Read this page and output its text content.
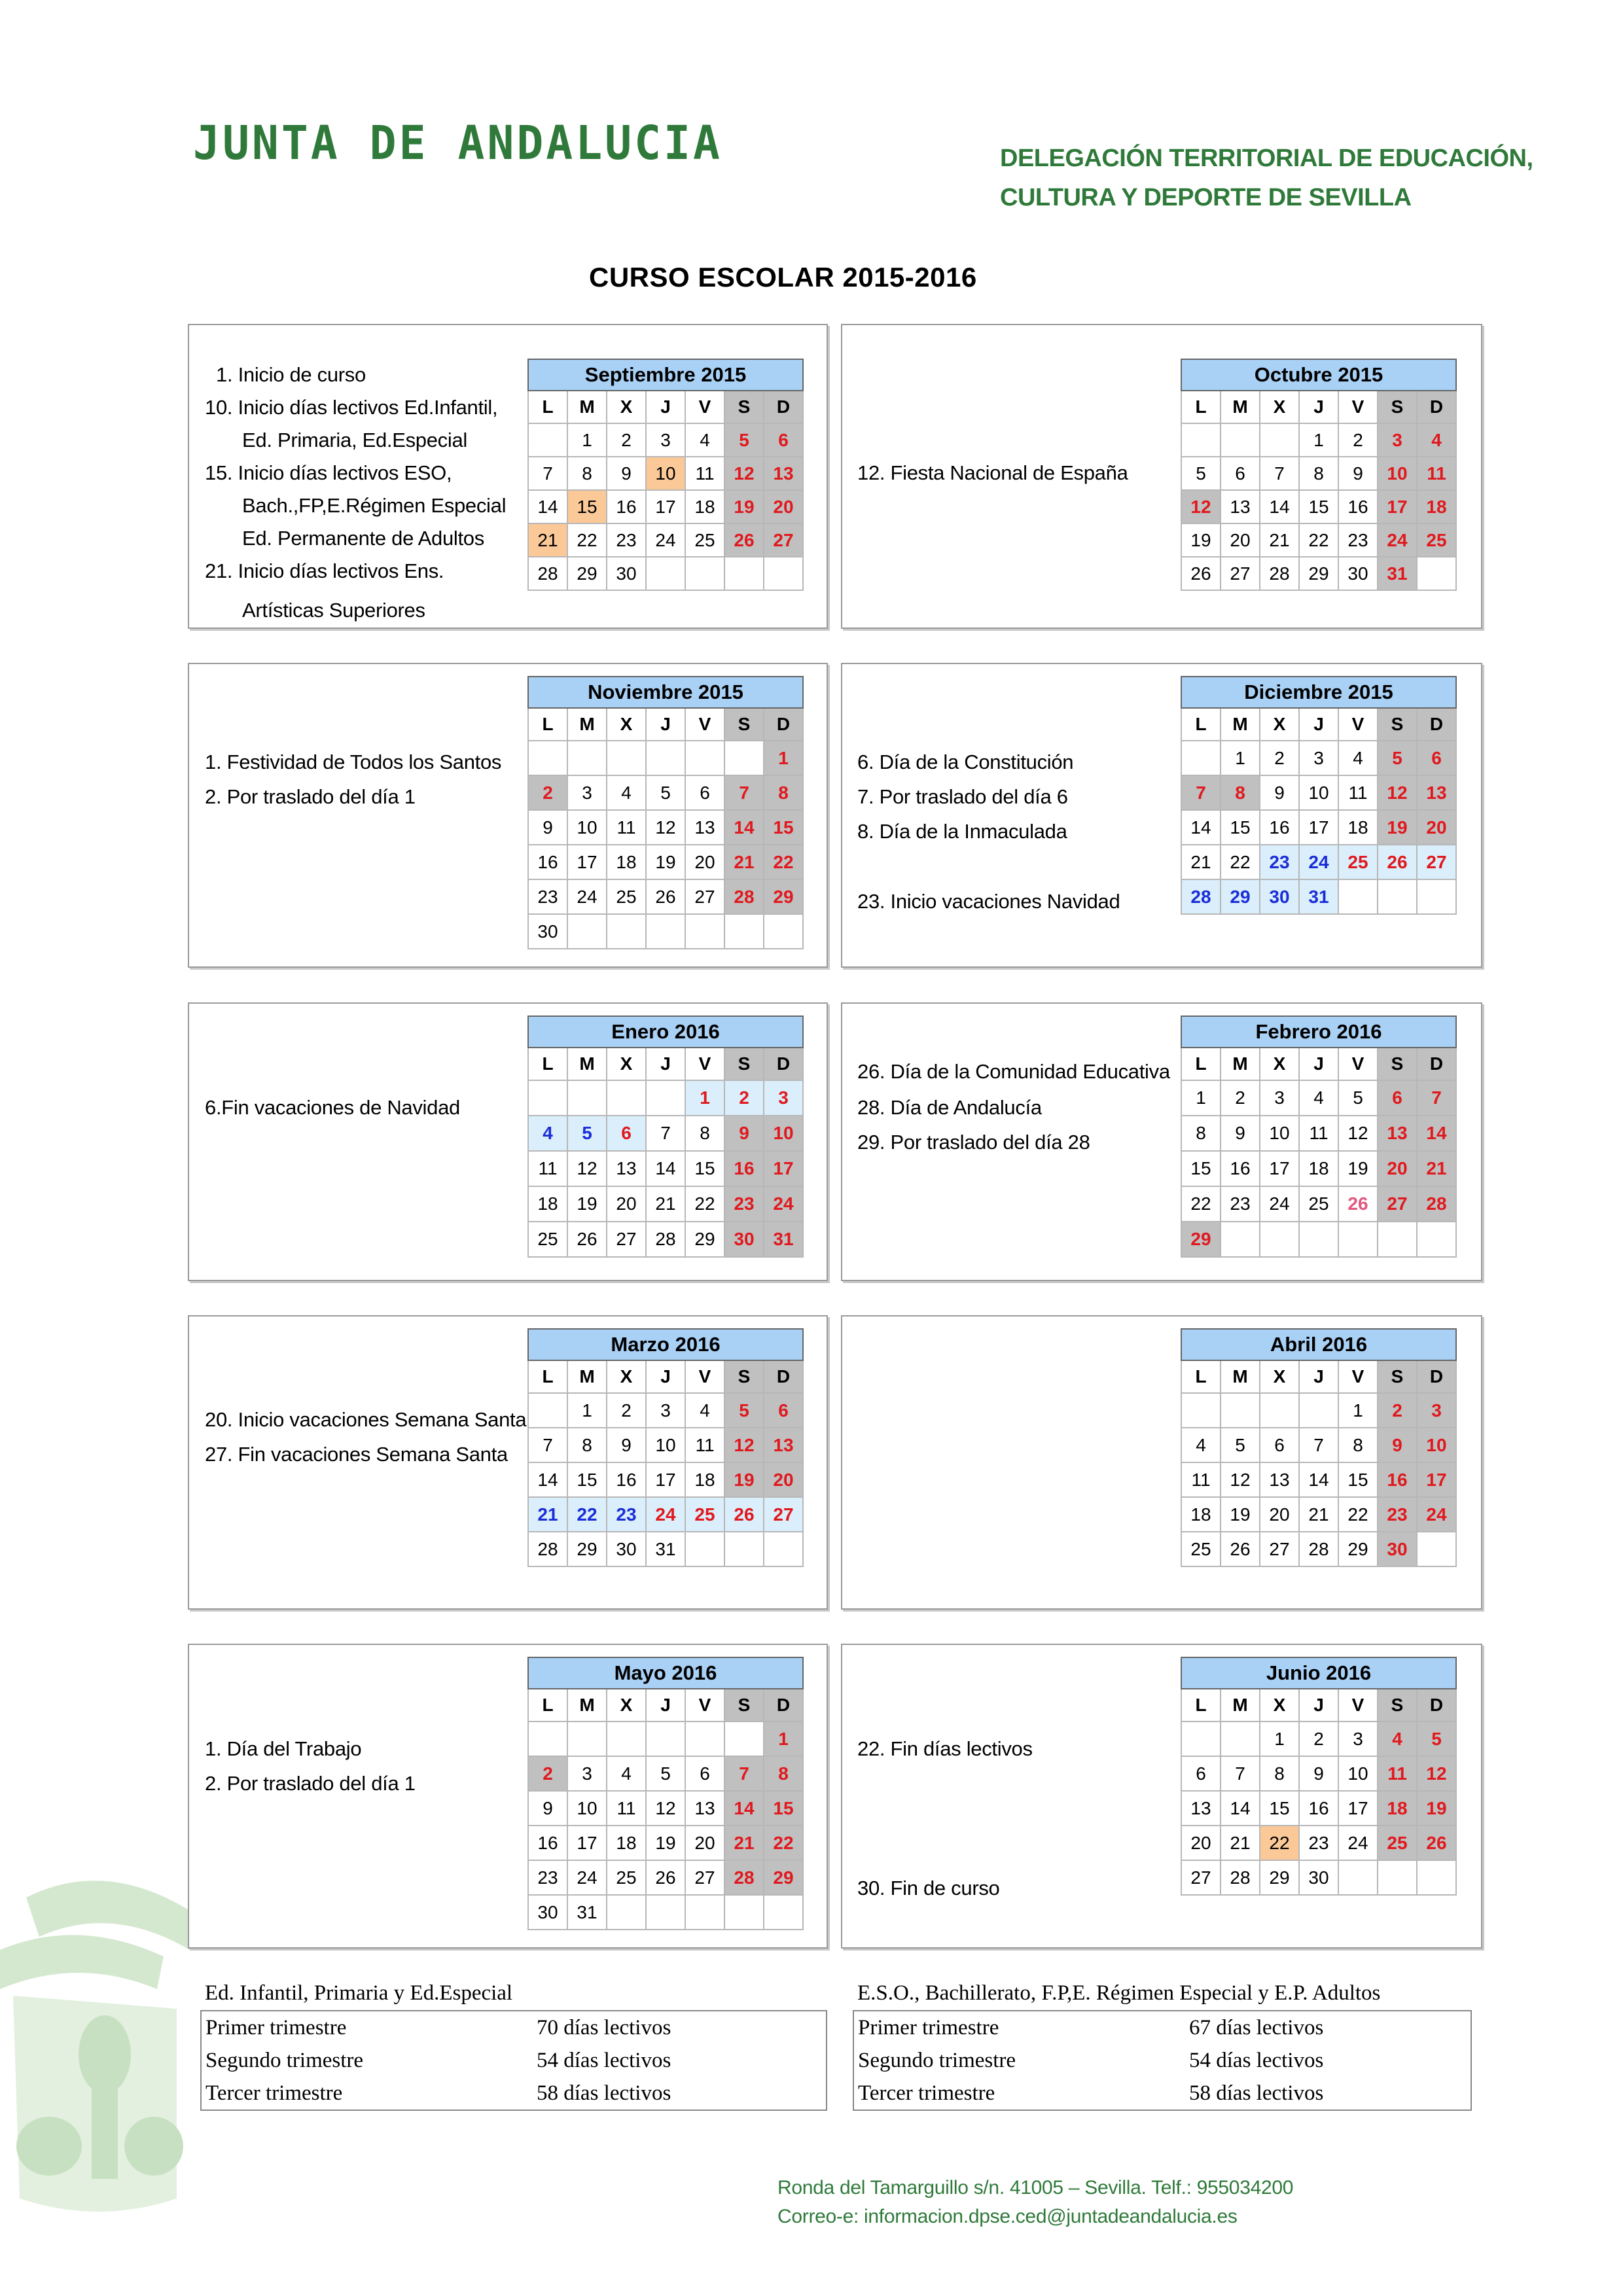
JUNTA DE ANDALUCIA	DELEGACIÓN TERRITORIAL DE EDUCACIÓN,
CULTURA Y DEPORTE DE SEVILLA
CURSO ESCOLAR 2015-2016
1. Inicio de curso
10. Inicio días lectivos Ed.Infantil,
Ed. Primaria, Ed.Especial
15. Inicio días lectivos ESO,
Bach.,FP,E.Régimen Especial
Ed. Permanente de Adultos
21. Inicio días lectivos Ens.
Artísticas Superiores
Septiembre 2015						
L	M	X	J	V	S	D
	1	2	3	4	5	6
7	8	9	10	11	12	13
14	15	16	17	18	19	20
21	22	23	24	25	26	27
28	29	30				
12. Fiesta Nacional de España
Octubre 2015						
L	M	X	J	V	S	D
			1	2	3	4
5	6	7	8	9	10	11
12	13	14	15	16	17	18
19	20	21	22	23	24	25
26	27	28	29	30	31	
1. Festividad de Todos los Santos
2. Por traslado del día 1
Noviembre 2015						
L	M	X	J	V	S	D
						1
2	3	4	5	6	7	8
9	10	11	12	13	14	15
16	17	18	19	20	21	22
23	24	25	26	27	28	29
30						
6. Día de la Constitución
7. Por traslado del día 6
8. Día de la Inmaculada
23. Inicio vacaciones Navidad
Diciembre 2015						
L	M	X	J	V	S	D
	1	2	3	4	5	6
7	8	9	10	11	12	13
14	15	16	17	18	19	20
21	22	23	24	25	26	27
28	29	30	31			
6.Fin vacaciones de Navidad
Enero 2016						
L	M	X	J	V	S	D
				1	2	3
4	5	6	7	8	9	10
11	12	13	14	15	16	17
18	19	20	21	22	23	24
25	26	27	28	29	30	31
26. Día de la Comunidad Educativa
28. Día de Andalucía
29. Por traslado del día 28
Febrero 2016						
L	M	X	J	V	S	D
1	2	3	4	5	6	7
8	9	10	11	12	13	14
15	16	17	18	19	20	21
22	23	24	25	26	27	28
29						
20. Inicio vacaciones Semana Santa
27. Fin vacaciones Semana Santa
Marzo 2016						
L	M	X	J	V	S	D
	1	2	3	4	5	6
7	8	9	10	11	12	13
14	15	16	17	18	19	20
21	22	23	24	25	26	27
28	29	30	31			
Abril 2016						
L	M	X	J	V	S	D
				1	2	3
4	5	6	7	8	9	10
11	12	13	14	15	16	17
18	19	20	21	22	23	24
25	26	27	28	29	30	
1. Día del Trabajo
2. Por traslado del día 1
Mayo 2016						
L	M	X	J	V	S	D
						1
2	3	4	5	6	7	8
9	10	11	12	13	14	15
16	17	18	19	20	21	22
23	24	25	26	27	28	29
30	31					
22. Fin días lectivos
30. Fin de curso
Junio 2016						
L	M	X	J	V	S	D
		1	2	3	4	5
6	7	8	9	10	11	12
13	14	15	16	17	18	19
20	21	22	23	24	25	26
27	28	29	30			
Ed. Infantil, Primaria y Ed.Especial
Primer trimestre	70 días lectivos
Segundo trimestre	54 días lectivos
Tercer trimestre	58 días lectivos
E.S.O., Bachillerato, F.P,E. Régimen Especial y E.P. Adultos
Primer trimestre	67 días lectivos
Segundo trimestre	54 días lectivos
Tercer trimestre	58 días lectivos
Ronda del Tamarguillo s/n. 41005 – Sevilla. Telf.: 955034200
Correo-e: informacion.dpse.ced@juntadeandalucia.es
